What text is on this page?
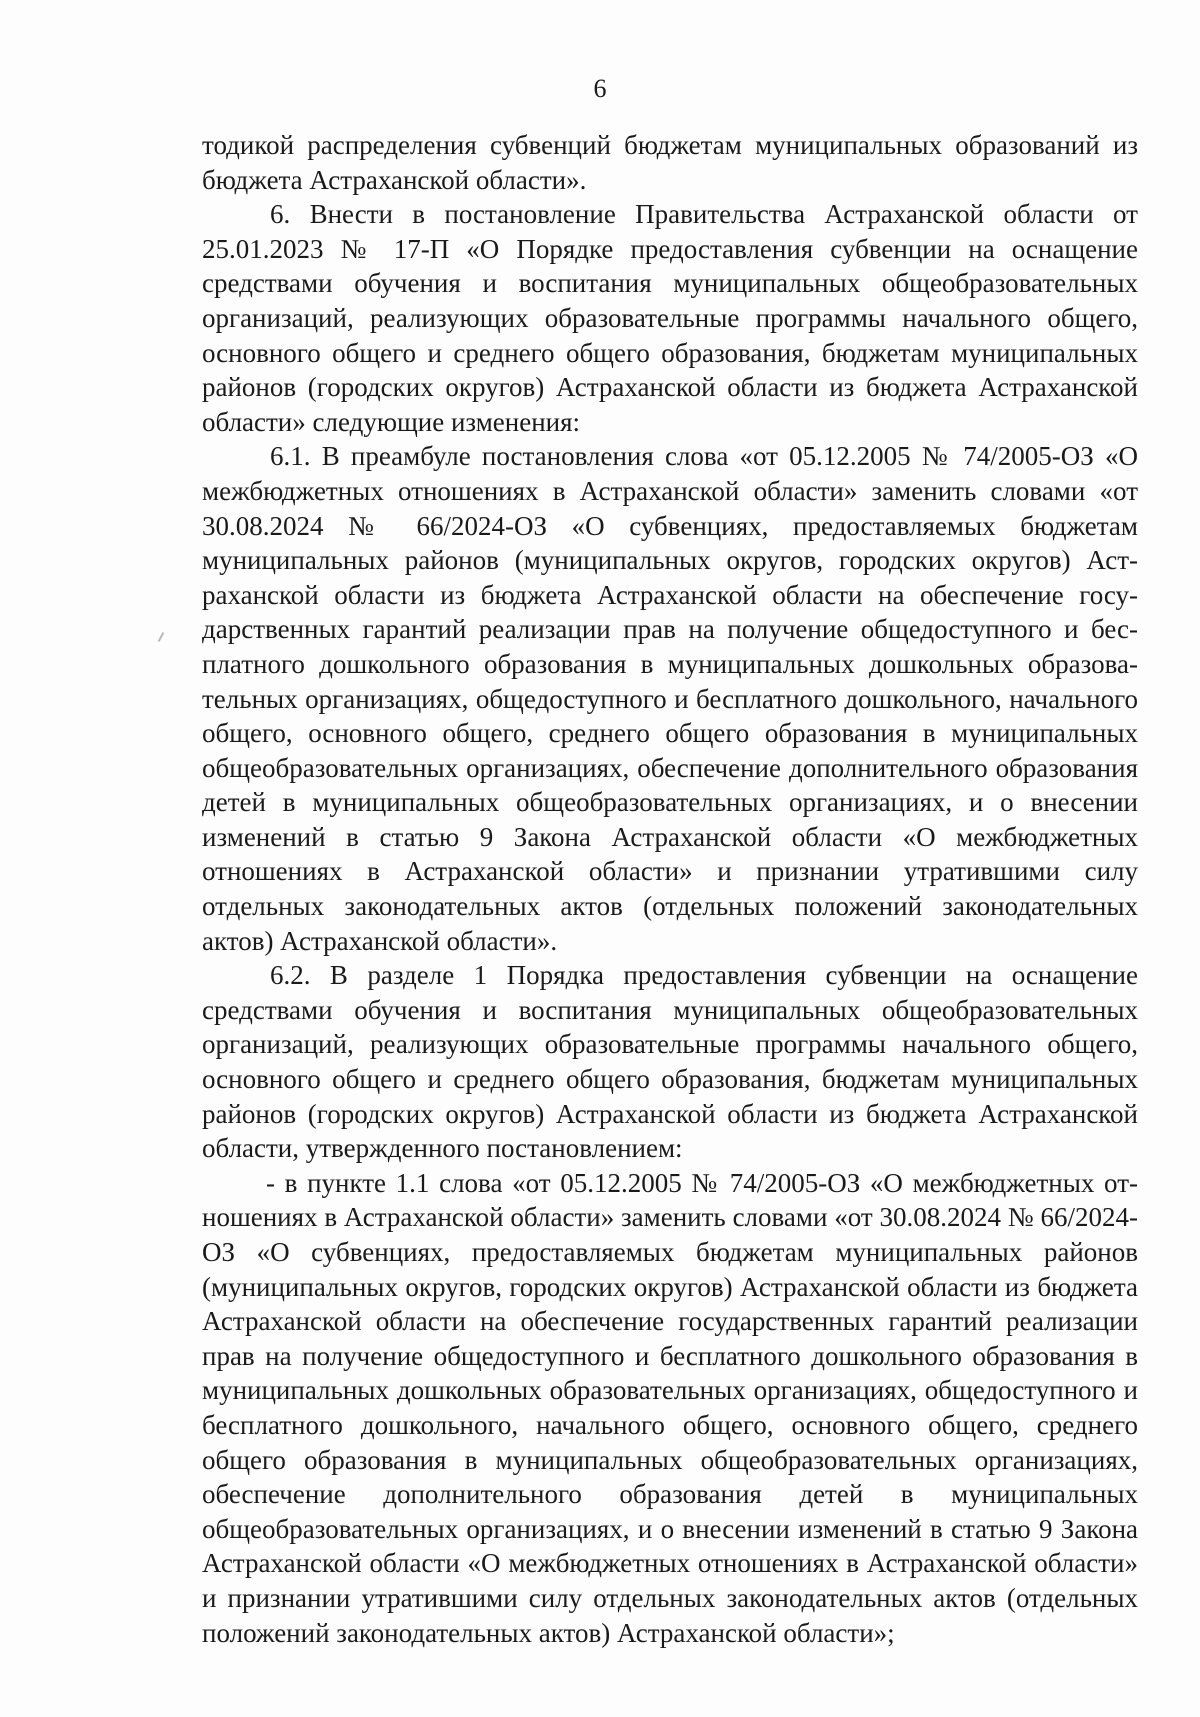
6

тодикой распределения субвенций бюджетам муниципальных образований из бюджета Астраханской области».

6. Внести в постановление Правительства Астраханской области от 25.01.2023 № 17-П «О Порядке предоставления субвенции на оснащение средствами обучения и воспитания муниципальных общеобразовательных организаций, реализующих образовательные программы начального общего, основного общего и среднего общего образования, бюджетам муниципальных районов (городских округов) Астраханской области из бюджета Астраханской области» следующие изменения:

6.1. В преамбуле постановления слова «от 05.12.2005 № 74/2005-ОЗ «О межбюджетных отношениях в Астраханской области» заменить словами «от 30.08.2024 № 66/2024-ОЗ «О субвенциях, предоставляемых бюджетам муниципальных районов (муниципальных округов, городских округов) Астраханской области из бюджета Астраханской области на обеспечение государственных гарантий реализации прав на получение общедоступного и бесплатного дошкольного образования в муниципальных дошкольных образовательных организациях, общедоступного и бесплатного дошкольного, начального общего, основного общего, среднего общего образования в муниципальных общеобразовательных организациях, обеспечение дополнительного образования детей в муниципальных общеобразовательных организациях, и о внесении изменений в статью 9 Закона Астраханской области «О межбюджетных отношениях в Астраханской области» и признании утратившими силу отдельных законодательных актов (отдельных положений законодательных актов) Астраханской области».

6.2. В разделе 1 Порядка предоставления субвенции на оснащение средствами обучения и воспитания муниципальных общеобразовательных организаций, реализующих образовательные программы начального общего, основного общего и среднего общего образования, бюджетам муниципальных районов (городских округов) Астраханской области из бюджета Астраханской области, утвержденного постановлением:

- в пункте 1.1 слова «от 05.12.2005 № 74/2005-ОЗ «О межбюджетных отношениях в Астраханской области» заменить словами «от 30.08.2024 № 66/2024-ОЗ «О субвенциях, предоставляемых бюджетам муниципальных районов (муниципальных округов, городских округов) Астраханской области из бюджета Астраханской области на обеспечение государственных гарантий реализации прав на получение общедоступного и бесплатного дошкольного образования в муниципальных дошкольных образовательных организациях, общедоступного и бесплатного дошкольного, начального общего, основного общего, среднего общего образования в муниципальных общеобразовательных организациях, обеспечение дополнительного образования детей в муниципальных общеобразовательных организациях, и о внесении изменений в статью 9 Закона Астраханской области «О межбюджетных отношениях в Астраханской области» и признании утратившими силу отдельных законодательных актов (отдельных положений законодательных актов) Астраханской области»;
